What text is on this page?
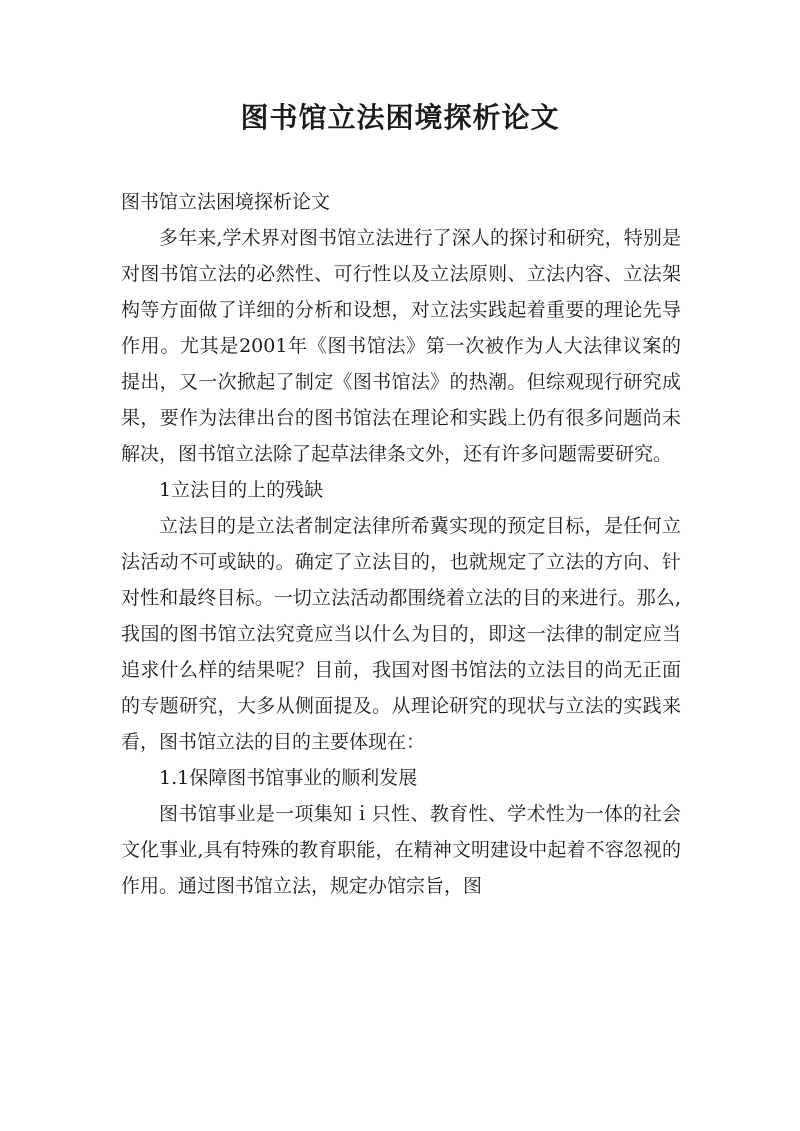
图书馆立法困境探析论文

图书馆立法困境探析论文

多年来,学术界对图书馆立法进行了深人的探讨和研究，特别是对图书馆立法的必然性、可行性以及立法原则、立法内容、立法架构等方面做了详细的分析和设想，对立法实践起着重要的理论先导作用。尤其是2001年《图书馆法》第一次被作为人大法律议案的提出，又一次掀起了制定《图书馆法》的热潮。但综观现行研究成果，要作为法律出台的图书馆法在理论和实践上仍有很多问题尚未解决，图书馆立法除了起草法律条文外，还有许多问题需要研究。

1立法目的上的残缺

立法目的是立法者制定法律所希冀实现的预定目标，是任何立法活动不可或缺的。确定了立法目的，也就规定了立法的方向、针对性和最终目标。一切立法活动都围绕着立法的目的来进行。那么,我国的图书馆立法究竟应当以什么为目的，即这一法律的制定应当追求什么样的结果呢？目前，我国对图书馆法的立法目的尚无正面的专题研究，大多从侧面提及。从理论研究的现状与立法的实践来看，图书馆立法的目的主要体现在：

1.1保障图书馆事业的顺利发展

图书馆事业是一项集知ｉ只性、教育性、学术性为一体的社会文化事业,具有特殊的教育职能，在精神文明建设中起着不容忽视的作用。通过图书馆立法，规定办馆宗旨，图
